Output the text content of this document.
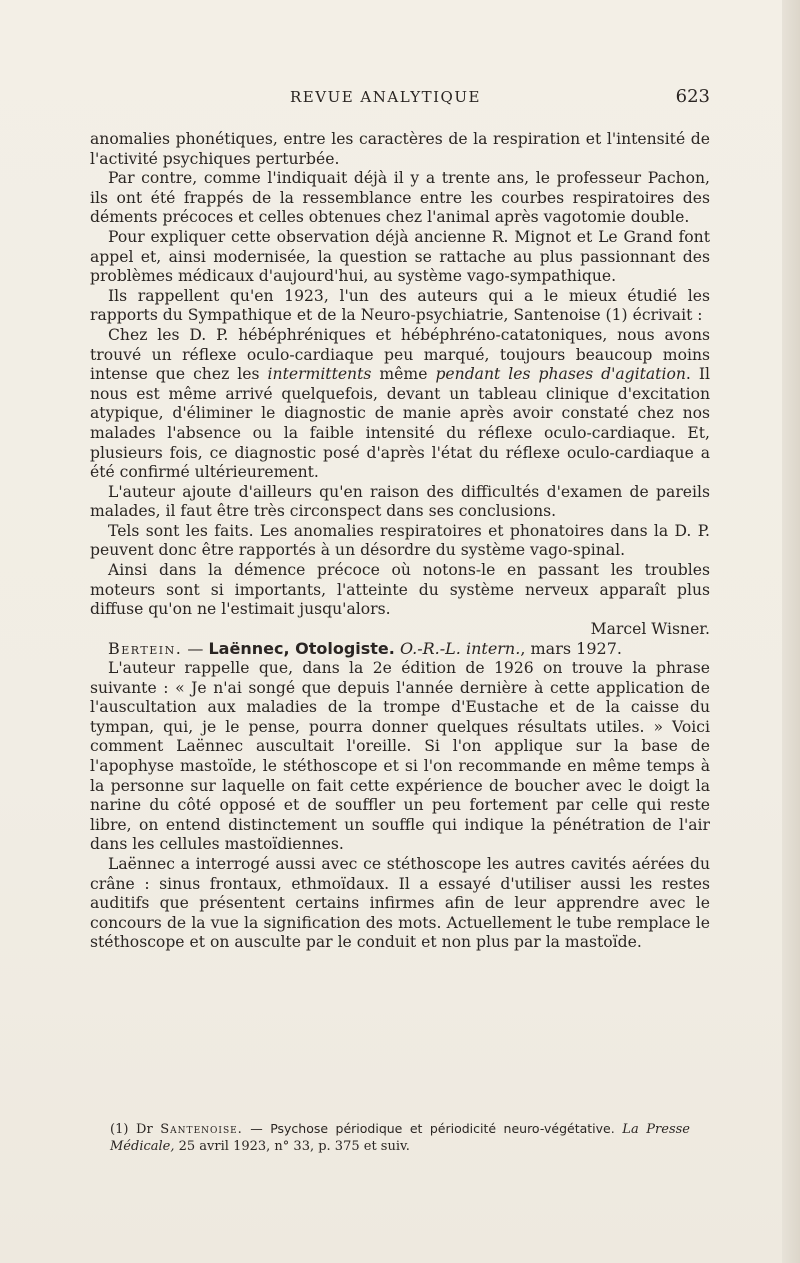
REVUE ANALYTIQUE	623

anomalies phonétiques, entre les caractères de la respiration et l'intensité de l'activité psychiques perturbée.

Par contre, comme l'indiquait déjà il y a trente ans, le professeur Pachon, ils ont été frappés de la ressemblance entre les courbes respiratoires des déments précoces et celles obtenues chez l'animal après vagotomie double.

Pour expliquer cette observation déjà ancienne R. Mignot et Le Grand font appel et, ainsi modernisée, la question se rattache au plus passionnant des problèmes médicaux d'aujourd'hui, au système vago-sympathique.

Ils rappellent qu'en 1923, l'un des auteurs qui a le mieux étudié les rapports du Sympathique et de la Neuro-psychiatrie, Santenoise (1) écrivait :

Chez les D. P. hébéphréniques et hébéphréno-catatoniques, nous avons trouvé un réflexe oculo-cardiaque peu marqué, toujours beaucoup moins intense que chez les intermittents même pendant les phases d'agitation. Il nous est même arrivé quelquefois, devant un tableau clinique d'excitation atypique, d'éliminer le diagnostic de manie après avoir constaté chez nos malades l'absence ou la faible intensité du réflexe oculo-cardiaque. Et, plusieurs fois, ce diagnostic posé d'après l'état du réflexe oculo-cardiaque a été confirmé ultérieurement.

L'auteur ajoute d'ailleurs qu'en raison des difficultés d'examen de pareils malades, il faut être très circonspect dans ses conclusions.

Tels sont les faits. Les anomalies respiratoires et phonatoires dans la D. P. peuvent donc être rapportés à un désordre du système vago-spinal.

Ainsi dans la démence précoce où notons-le en passant les troubles moteurs sont si importants, l'atteinte du système nerveux apparaît plus diffuse qu'on ne l'estimait jusqu'alors.

Marcel Wisner.

Bertein. — Laënnec, Otologiste. O.-R.-L. intern., mars 1927.

L'auteur rappelle que, dans la 2e édition de 1926 on trouve la phrase suivante : « Je n'ai songé que depuis l'année dernière à cette application de l'auscultation aux maladies de la trompe d'Eustache et de la caisse du tympan, qui, je le pense, pourra donner quelques résultats utiles. » Voici comment Laënnec auscultait l'oreille. Si l'on applique sur la base de l'apophyse mastoïde, le stéthoscope et si l'on recommande en même temps à la personne sur laquelle on fait cette expérience de boucher avec le doigt la narine du côté opposé et de souffler un peu fortement par celle qui reste libre, on entend distinctement un souffle qui indique la pénétration de l'air dans les cellules mastoïdiennes.

Laënnec a interrogé aussi avec ce stéthoscope les autres cavités aérées du crâne : sinus frontaux, ethmoïdaux. Il a essayé d'utiliser aussi les restes auditifs que présentent certains infirmes afin de leur apprendre avec le concours de la vue la signification des mots. Actuellement le tube remplace le stéthoscope et on ausculte par le conduit et non plus par la mastoïde.

(1) Dr Santenoise. — Psychose périodique et périodicité neuro-végétative. La Presse Médicale, 25 avril 1923, n° 33, p. 375 et suiv.
